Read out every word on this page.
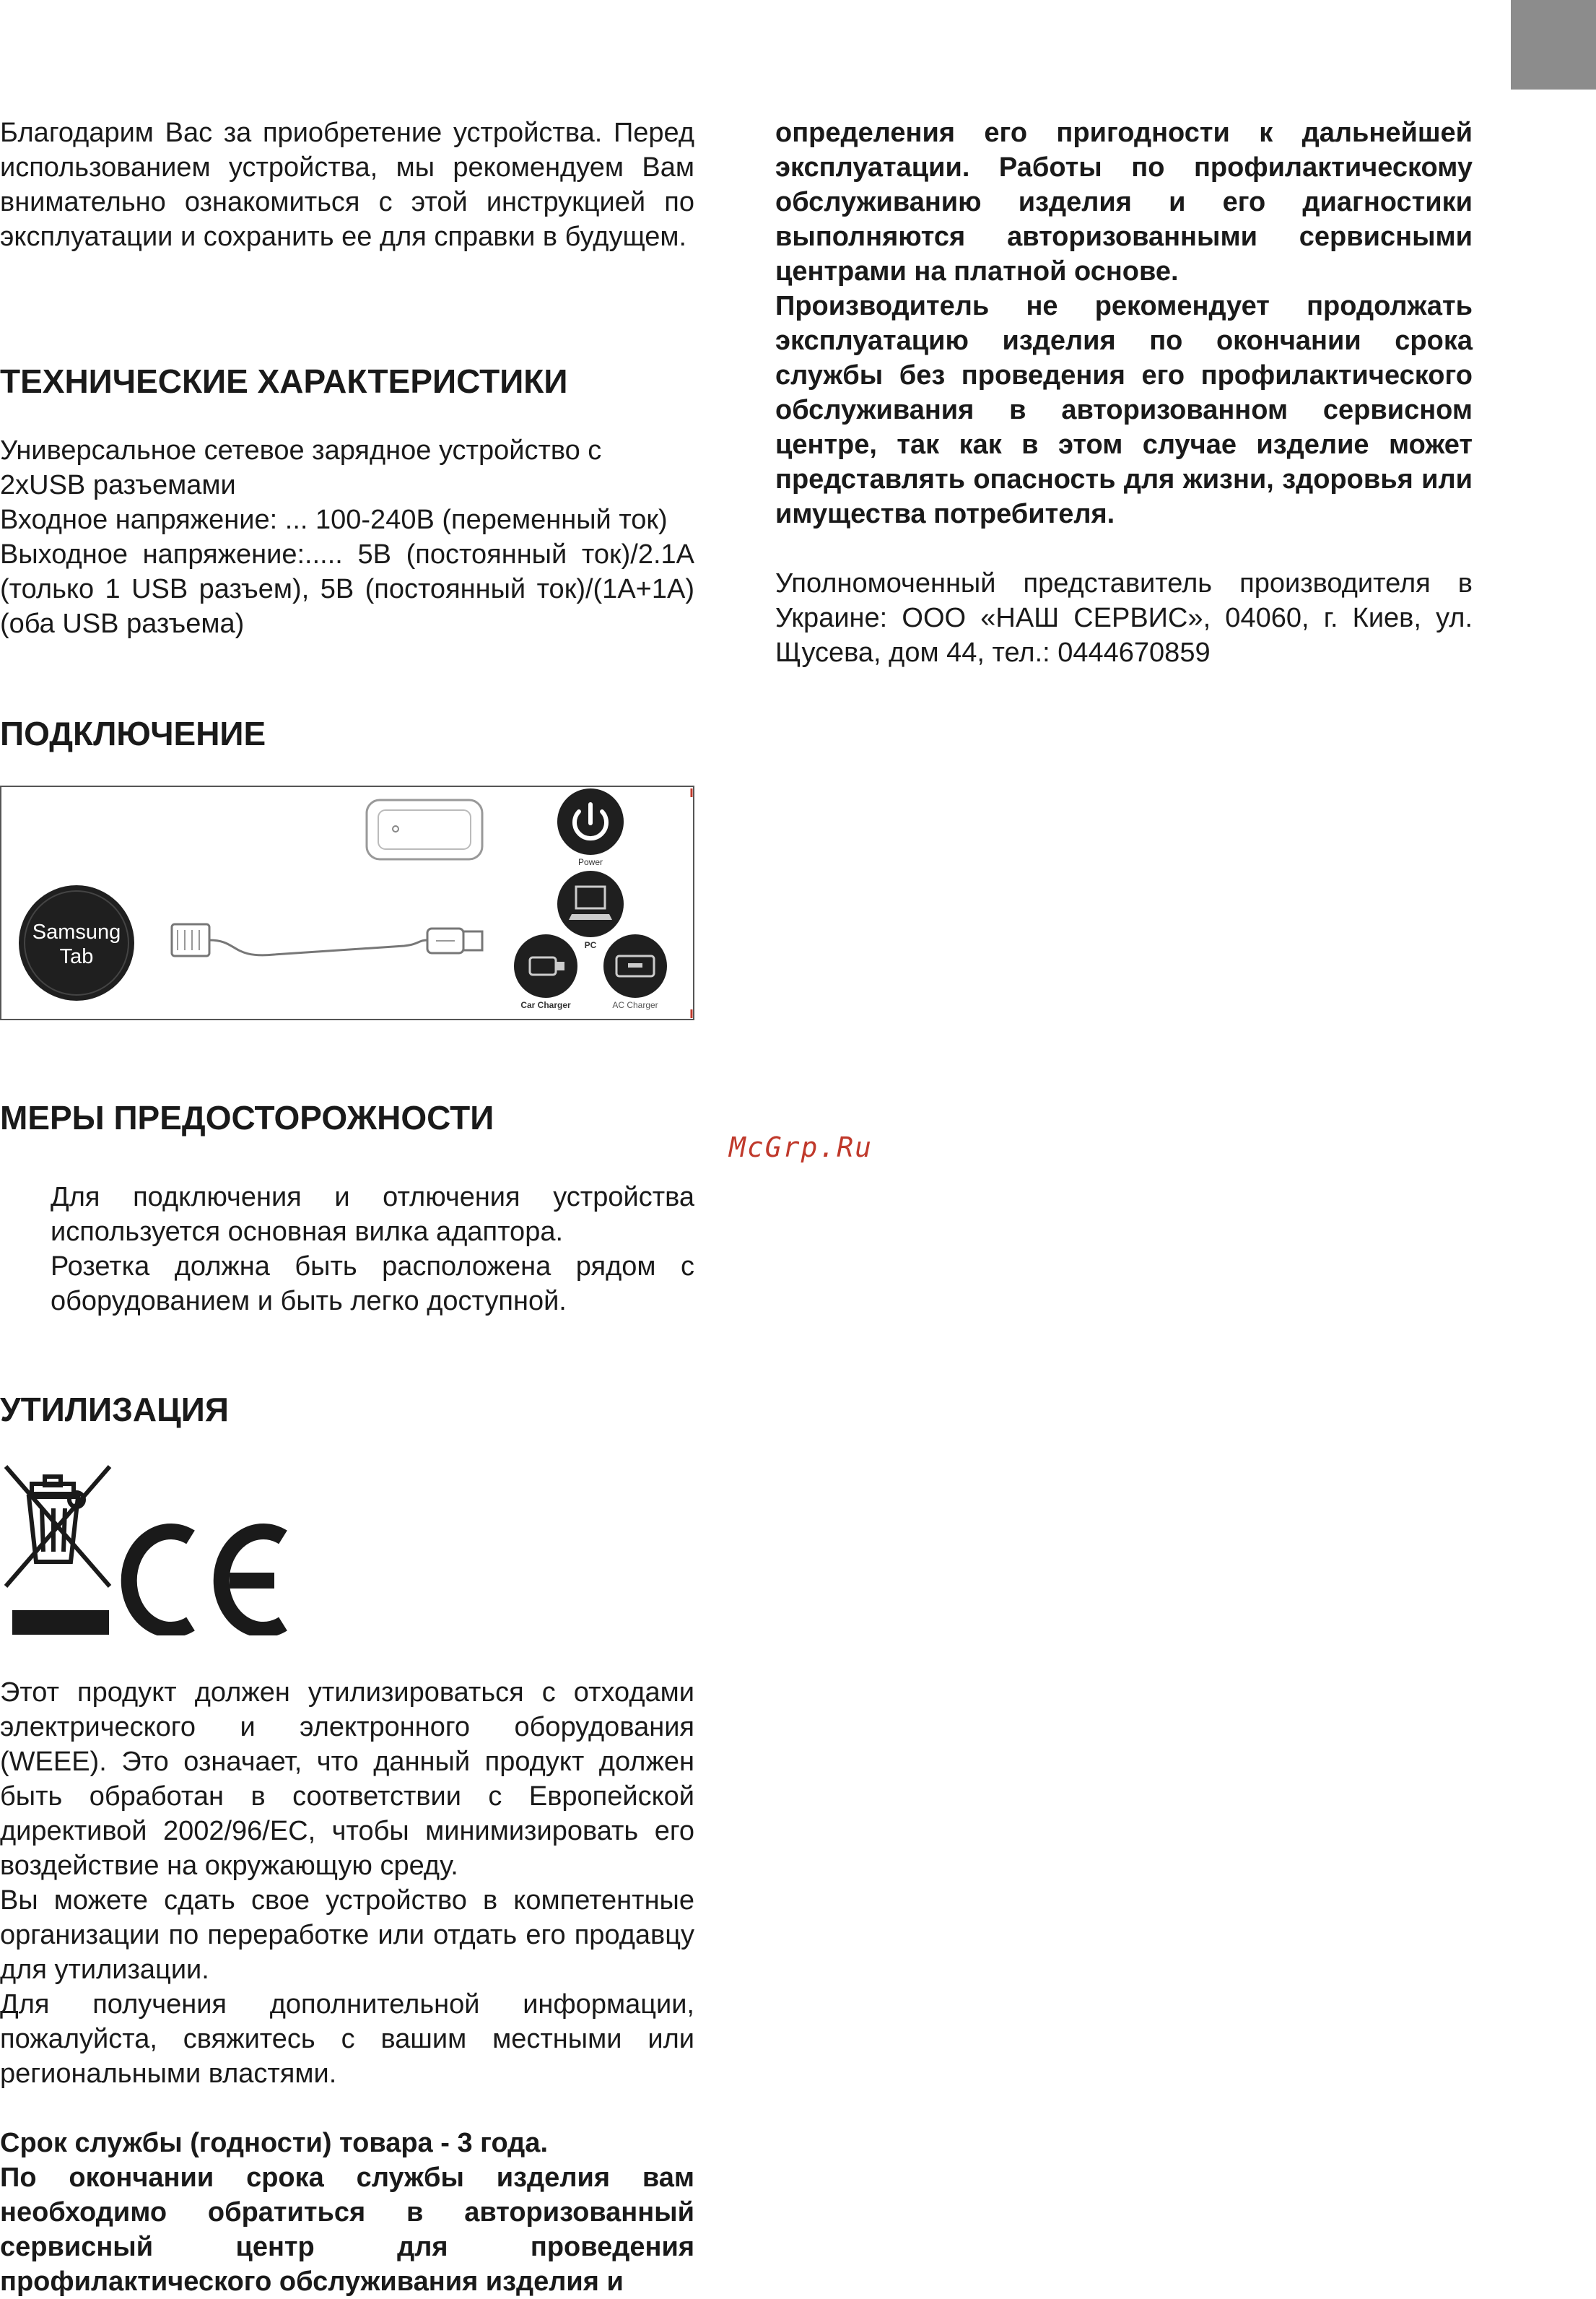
Благодарим Вас за приобретение устройства. Перед использованием устройства, мы рекомендуем Вам внимательно ознакомиться с этой инструкцией по эксплуатации и сохранить ее для справки в будущем.

ТЕХНИЧЕСКИЕ ХАРАКТЕРИСТИКИ

Универсальное сетевое зарядное устройство с 2xUSB разъемами

Входное напряжение: ... 100-240В (переменный ток)

Выходное напряжение:..... 5В (постоянный ток)/2.1A (только 1 USB разъем), 5В (постоянный ток)/(1A+1A) (оба USB разъема)

ПОДКЛЮЧЕНИЕ
Power
PC
Car Charger	AC Charger
Samsung
Tab
МЕРЫ ПРЕДОСТОРОЖНОСТИ

Для подключения и отлючения устройства используется основная вилка адаптора.

Розетка должна быть расположена рядом с оборудованием и быть легко доступной.

McGrp.Ru
УТИЛИЗАЦИЯ

Этот продукт должен утилизироваться с отходами электрического и электронного оборудования (WEEE). Это означает, что данный продукт должен быть обработан в соответствии с Европейской директивой 2002/96/ЕС, чтобы минимизировать его воздействие на окружающую среду.

Вы можете сдать свое устройство в компетентные организации по переработке или отдать его продавцу для утилизации.

Для получения дополнительной информации, пожалуйста, свяжитесь с вашим местными или региональными властями.

Срок службы (годности) товара - 3 года.

По окончании срока службы изделия вам необходимо обратиться в авторизованный сервисный центр для проведения профилактического обслуживания изделия и

определения его пригодности к дальнейшей эксплуатации. Работы по профилактическому обслуживанию изделия и его диагностики выполняются авторизованными сервисными центрами на платной основе.

Производитель не рекомендует продолжать эксплуатацию изделия по окончании срока службы без проведения его профилактического обслуживания в авторизованном сервисном центре, так как в этом случае изделие может представлять опасность для жизни, здоровья или имущества потребителя.

Уполномоченный представитель производителя в Украине: ООО «НАШ СЕРВИС», 04060, г. Киев, ул. Щусева, дом 44, тел.: 0444670859
